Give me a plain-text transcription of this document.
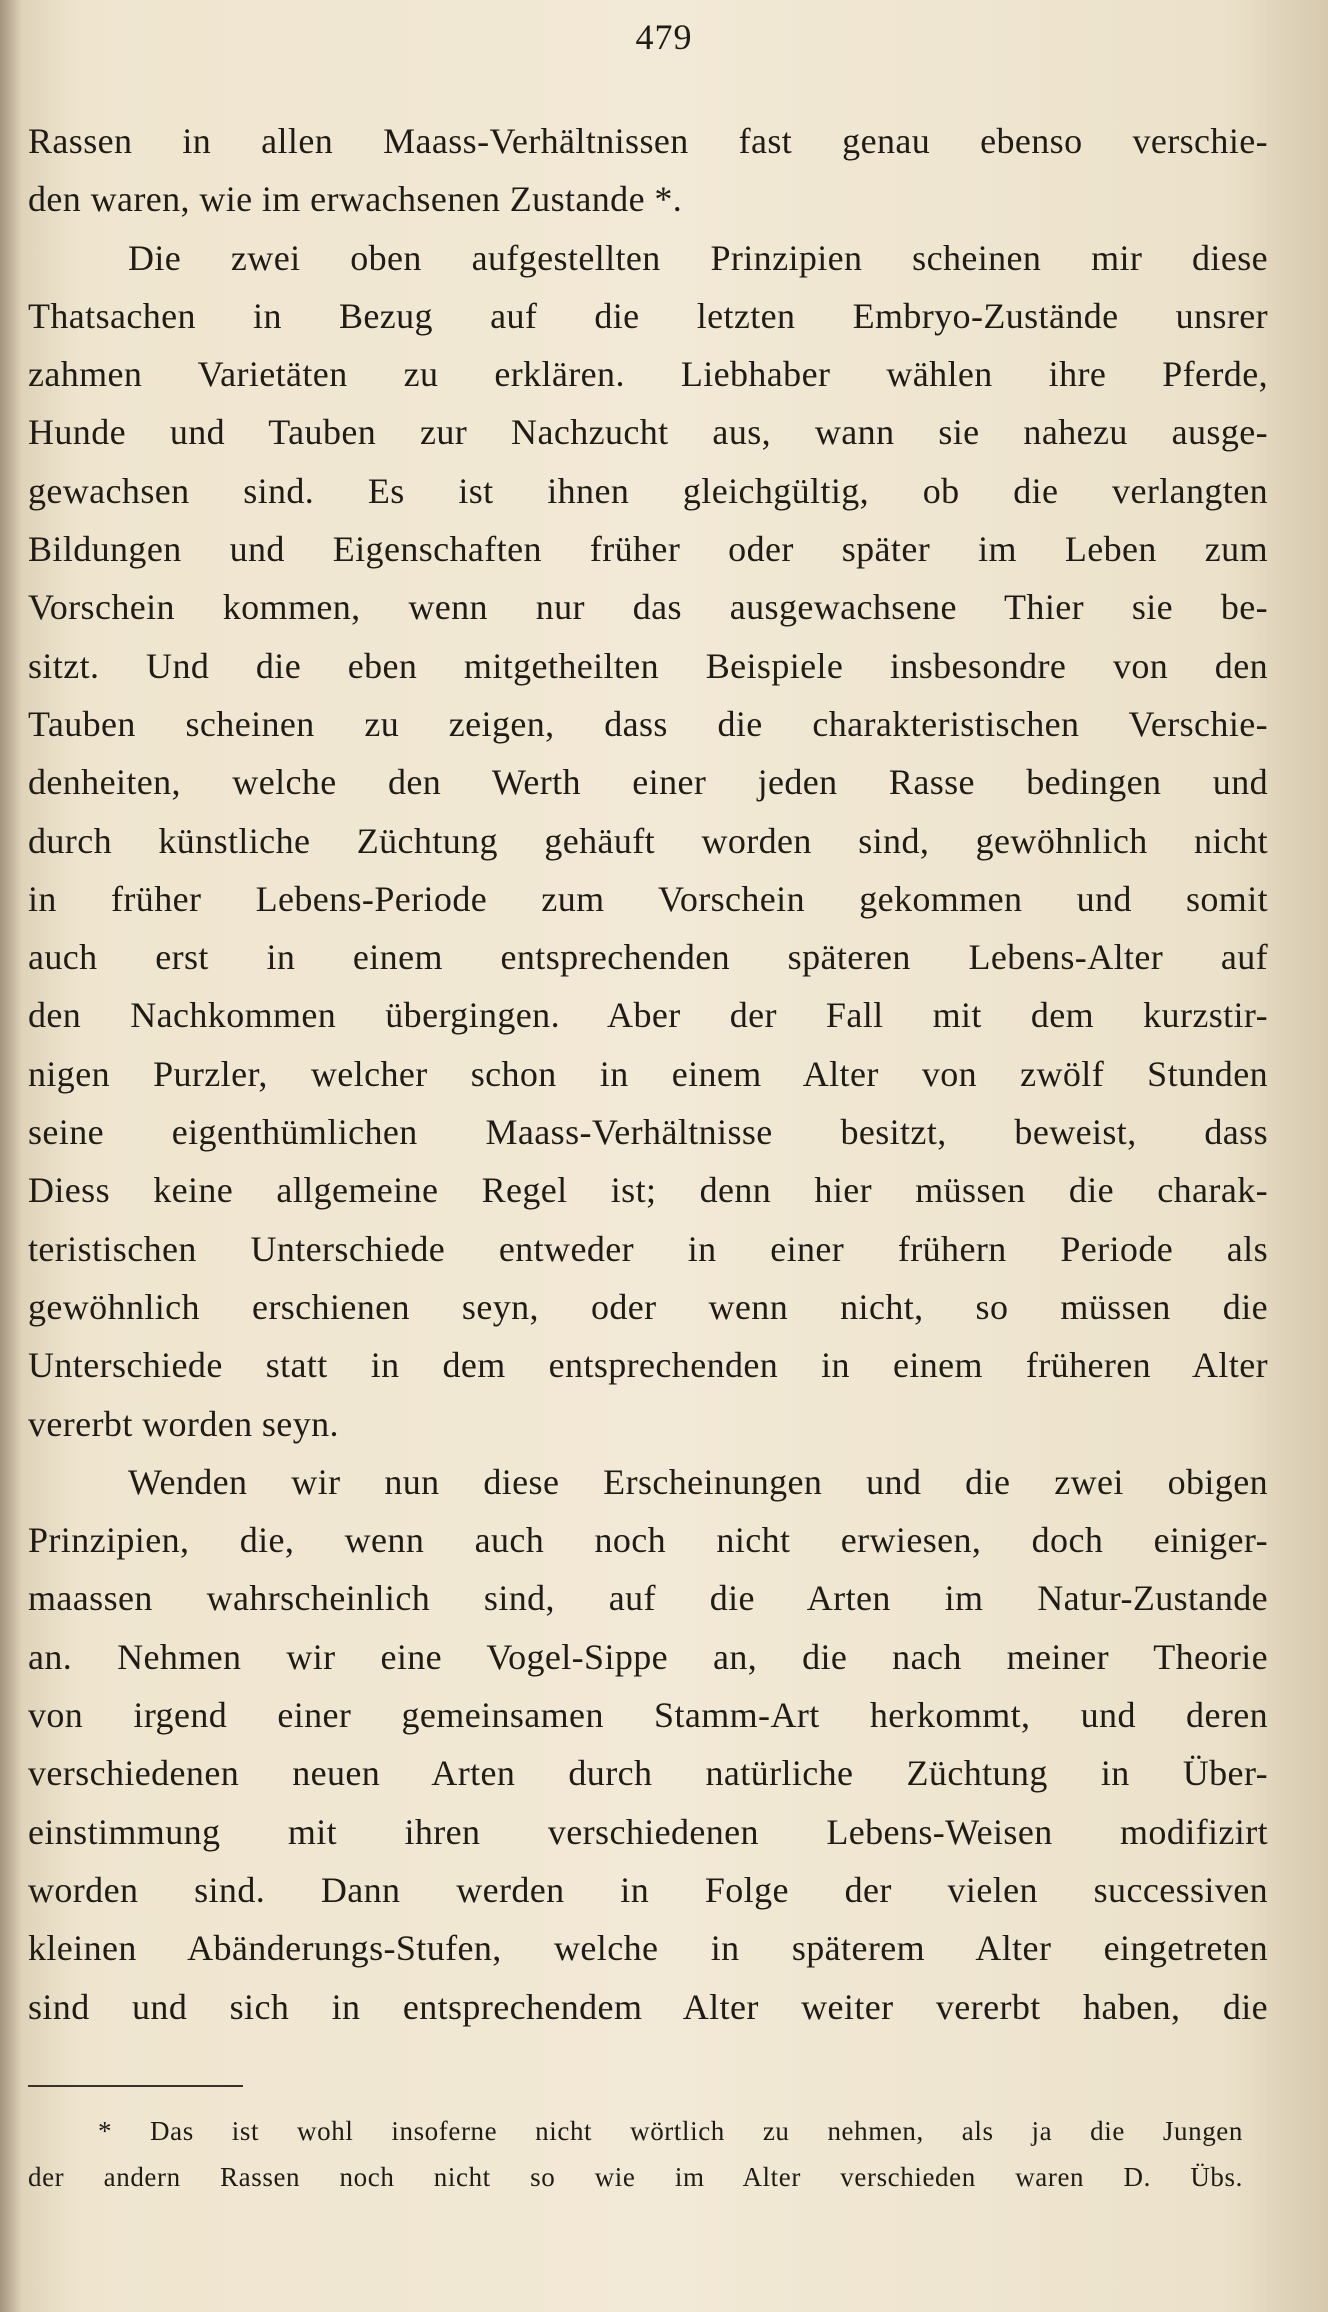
479
Rassen in allen Maass-Verhältnissen fast genau ebenso verschie-
den waren, wie im erwachsenen Zustande *.
Die zwei oben aufgestellten Prinzipien scheinen mir diese
Thatsachen in Bezug auf die letzten Embryo-Zustände unsrer
zahmen Varietäten zu erklären. Liebhaber wählen ihre Pferde,
Hunde und Tauben zur Nachzucht aus, wann sie nahezu ausge-
gewachsen sind. Es ist ihnen gleichgültig, ob die verlangten
Bildungen und Eigenschaften früher oder später im Leben zum
Vorschein kommen, wenn nur das ausgewachsene Thier sie be-
sitzt. Und die eben mitgetheilten Beispiele insbesondre von den
Tauben scheinen zu zeigen, dass die charakteristischen Verschie-
denheiten, welche den Werth einer jeden Rasse bedingen und
durch künstliche Züchtung gehäuft worden sind, gewöhnlich nicht
in früher Lebens-Periode zum Vorschein gekommen und somit
auch erst in einem entsprechenden späteren Lebens-Alter auf
den Nachkommen übergingen. Aber der Fall mit dem kurzstir-
nigen Purzler, welcher schon in einem Alter von zwölf Stunden
seine eigenthümlichen Maass-Verhältnisse besitzt, beweist, dass
Diess keine allgemeine Regel ist; denn hier müssen die charak-
teristischen Unterschiede entweder in einer frühern Periode als
gewöhnlich erschienen seyn, oder wenn nicht, so müssen die
Unterschiede statt in dem entsprechenden in einem früheren Alter
vererbt worden seyn.
Wenden wir nun diese Erscheinungen und die zwei obigen
Prinzipien, die, wenn auch noch nicht erwiesen, doch einiger-
maassen wahrscheinlich sind, auf die Arten im Natur-Zustande
an. Nehmen wir eine Vogel-Sippe an, die nach meiner Theorie
von irgend einer gemeinsamen Stamm-Art herkommt, und deren
verschiedenen neuen Arten durch natürliche Züchtung in Über-
einstimmung mit ihren verschiedenen Lebens-Weisen modifizirt
worden sind. Dann werden in Folge der vielen successiven
kleinen Abänderungs-Stufen, welche in späterem Alter eingetreten
sind und sich in entsprechendem Alter weiter vererbt haben, die
* Das ist wohl insoferne nicht wörtlich zu nehmen, als ja die Jungen
der andern Rassen noch nicht so wie im Alter verschieden waren D. Übs.
